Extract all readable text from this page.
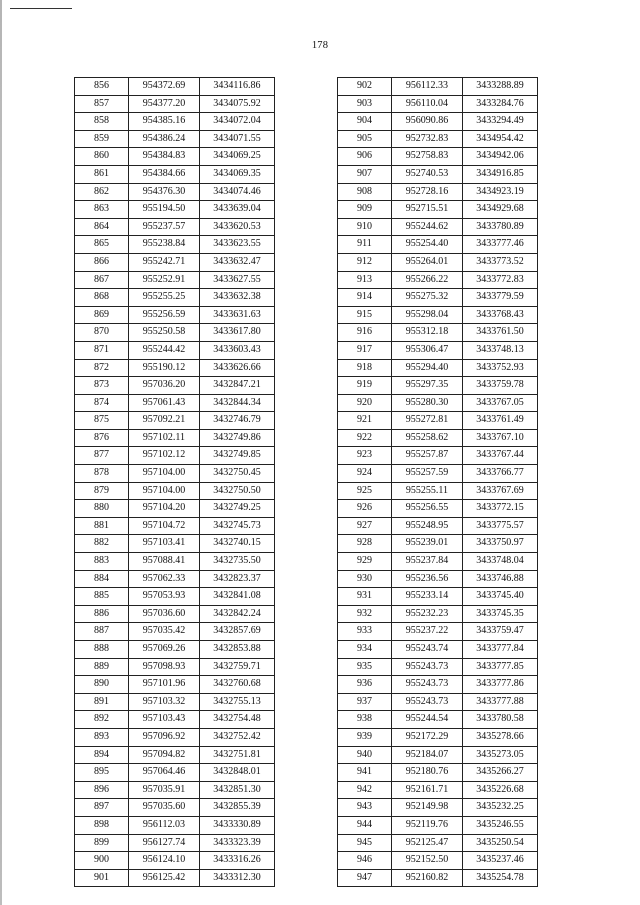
178
856	954372.69	3434116.86
857	954377.20	3434075.92
858	954385.16	3434072.04
859	954386.24	3434071.55
860	954384.83	3434069.25
861	954384.66	3434069.35
862	954376.30	3434074.46
863	955194.50	3433639.04
864	955237.57	3433620.53
865	955238.84	3433623.55
866	955242.71	3433632.47
867	955252.91	3433627.55
868	955255.25	3433632.38
869	955256.59	3433631.63
870	955250.58	3433617.80
871	955244.42	3433603.43
872	955190.12	3433626.66
873	957036.20	3432847.21
874	957061.43	3432844.34
875	957092.21	3432746.79
876	957102.11	3432749.86
877	957102.12	3432749.85
878	957104.00	3432750.45
879	957104.00	3432750.50
880	957104.20	3432749.25
881	957104.72	3432745.73
882	957103.41	3432740.15
883	957088.41	3432735.50
884	957062.33	3432823.37
885	957053.93	3432841.08
886	957036.60	3432842.24
887	957035.42	3432857.69
888	957069.26	3432853.88
889	957098.93	3432759.71
890	957101.96	3432760.68
891	957103.32	3432755.13
892	957103.43	3432754.48
893	957096.92	3432752.42
894	957094.82	3432751.81
895	957064.46	3432848.01
896	957035.91	3432851.30
897	957035.60	3432855.39
898	956112.03	3433330.89
899	956127.74	3433323.39
900	956124.10	3433316.26
901	956125.42	3433312.30
902	956112.33	3433288.89
903	956110.04	3433284.76
904	956090.86	3433294.49
905	952732.83	3434954.42
906	952758.83	3434942.06
907	952740.53	3434916.85
908	952728.16	3434923.19
909	952715.51	3434929.68
910	955244.62	3433780.89
911	955254.40	3433777.46
912	955264.01	3433773.52
913	955266.22	3433772.83
914	955275.32	3433779.59
915	955298.04	3433768.43
916	955312.18	3433761.50
917	955306.47	3433748.13
918	955294.40	3433752.93
919	955297.35	3433759.78
920	955280.30	3433767.05
921	955272.81	3433761.49
922	955258.62	3433767.10
923	955257.87	3433767.44
924	955257.59	3433766.77
925	955255.11	3433767.69
926	955256.55	3433772.15
927	955248.95	3433775.57
928	955239.01	3433750.97
929	955237.84	3433748.04
930	955236.56	3433746.88
931	955233.14	3433745.40
932	955232.23	3433745.35
933	955237.22	3433759.47
934	955243.74	3433777.84
935	955243.73	3433777.85
936	955243.73	3433777.86
937	955243.73	3433777.88
938	955244.54	3433780.58
939	952172.29	3435278.66
940	952184.07	3435273.05
941	952180.76	3435266.27
942	952161.71	3435226.68
943	952149.98	3435232.25
944	952119.76	3435246.55
945	952125.47	3435250.54
946	952152.50	3435237.46
947	952160.82	3435254.78
